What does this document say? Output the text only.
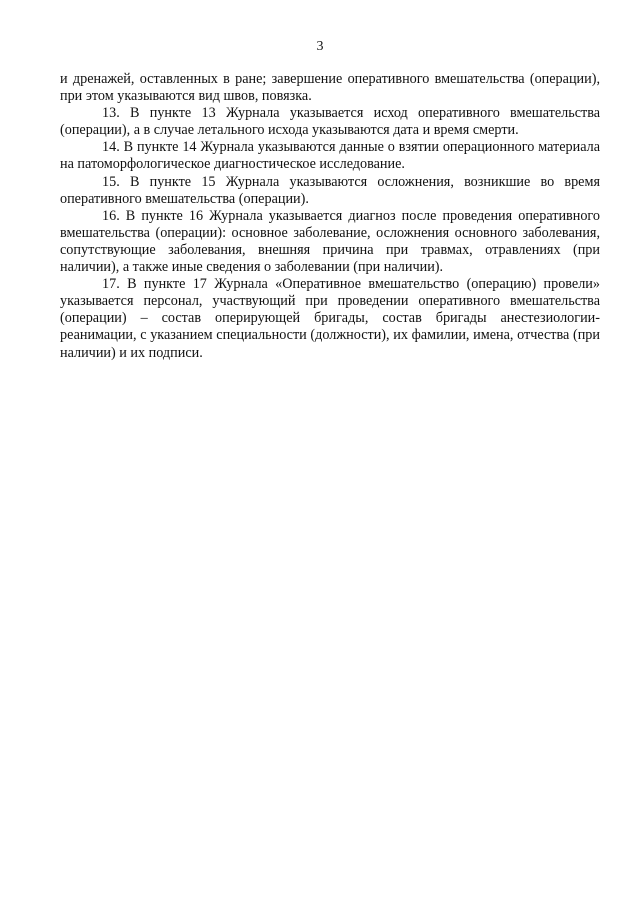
3

и дренажей, оставленных в ране; завершение оперативного вмешательства (операции), при этом указываются вид швов, повязка.

13. В пункте 13 Журнала указывается исход оперативного вмешательства (операции), а в случае летального исхода указываются дата и время смерти.

14. В пункте 14 Журнала указываются данные о взятии операционного материала на патоморфологическое диагностическое исследование.

15. В пункте 15 Журнала указываются осложнения, возникшие во время оперативного вмешательства (операции).

16. В пункте 16 Журнала указывается диагноз после проведения оперативного вмешательства (операции): основное заболевание, осложнения основного заболевания, сопутствующие заболевания, внешняя причина при травмах, отравлениях (при наличии), а также иные сведения о заболевании (при наличии).

17. В пункте 17 Журнала «Оперативное вмешательство (операцию) провели» указывается персонал, участвующий при проведении оперативного вмешательства (операции) – состав оперирующей бригады, состав бригады анестезиологии-реанимации, с указанием специальности (должности), их фамилии, имена, отчества (при наличии) и их подписи.
